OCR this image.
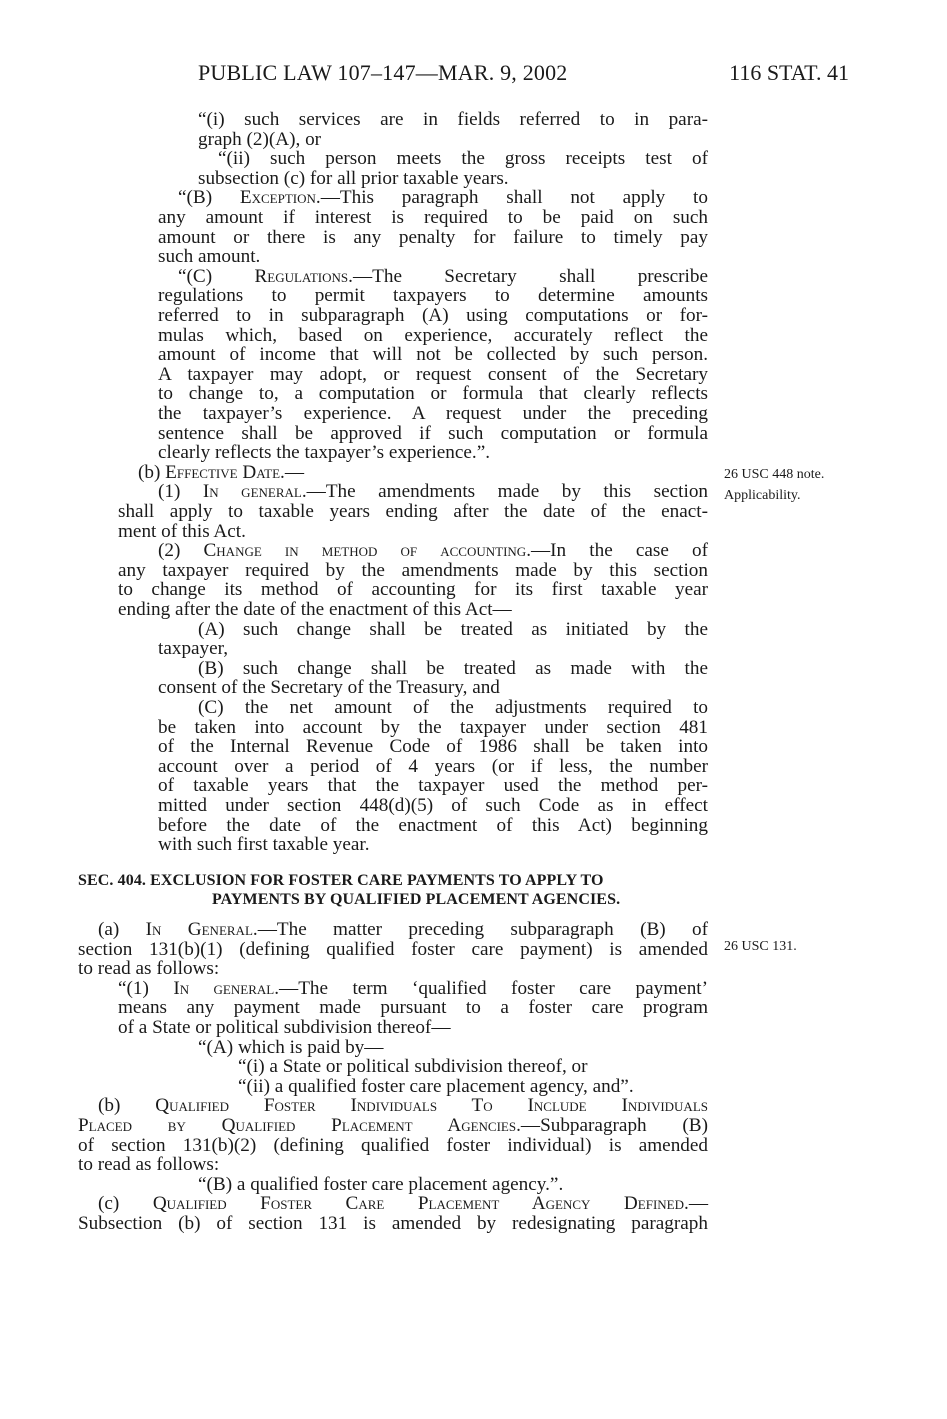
PUBLIC LAW 107–147—MAR. 9, 2002	116 STAT. 41
“(i) such services are in fields referred to in para-
graph (2)(A), or
“(ii) such person meets the gross receipts test of
subsection (c) for all prior taxable years.
“(B) Exception.—This paragraph shall not apply to
any amount if interest is required to be paid on such
amount or there is any penalty for failure to timely pay
such amount.
“(C) Regulations.—The Secretary shall prescribe
regulations to permit taxpayers to determine amounts
referred to in subparagraph (A) using computations or for-
mulas which, based on experience, accurately reflect the
amount of income that will not be collected by such person.
A taxpayer may adopt, or request consent of the Secretary
to change to, a computation or formula that clearly reflects
the taxpayer’s experience. A request under the preceding
sentence shall be approved if such computation or formula
clearly reflects the taxpayer’s experience.”.
(b) Effective Date.—
(1) In general.—The amendments made by this section
shall apply to taxable years ending after the date of the enact-
ment of this Act.
(2) Change in method of accounting.—In the case of
any taxpayer required by the amendments made by this section
to change its method of accounting for its first taxable year
ending after the date of the enactment of this Act—
(A) such change shall be treated as initiated by the
taxpayer,
(B) such change shall be treated as made with the
consent of the Secretary of the Treasury, and
(C) the net amount of the adjustments required to
be taken into account by the taxpayer under section 481
of the Internal Revenue Code of 1986 shall be taken into
account over a period of 4 years (or if less, the number
of taxable years that the taxpayer used the method per-
mitted under section 448(d)(5) of such Code as in effect
before the date of the enactment of this Act) beginning
with such first taxable year.
SEC. 404. EXCLUSION FOR FOSTER CARE PAYMENTS TO APPLY TO
PAYMENTS BY QUALIFIED PLACEMENT AGENCIES.
(a) In General.—The matter preceding subparagraph (B) of
section 131(b)(1) (defining qualified foster care payment) is amended
to read as follows:
“(1) In general.—The term ‘qualified foster care payment’
means any payment made pursuant to a foster care program
of a State or political subdivision thereof—
“(A) which is paid by—
“(i) a State or political subdivision thereof, or
“(ii) a qualified foster care placement agency, and”.
(b) Qualified Foster Individuals To Include Individuals
Placed by Qualified Placement Agencies.—Subparagraph (B)
of section 131(b)(2) (defining qualified foster individual) is amended
to read as follows:
“(B) a qualified foster care placement agency.”.
(c) Qualified Foster Care Placement Agency Defined.—
Subsection (b) of section 131 is amended by redesignating paragraph
26 USC 448 note.
Applicability.
26 USC 131.
